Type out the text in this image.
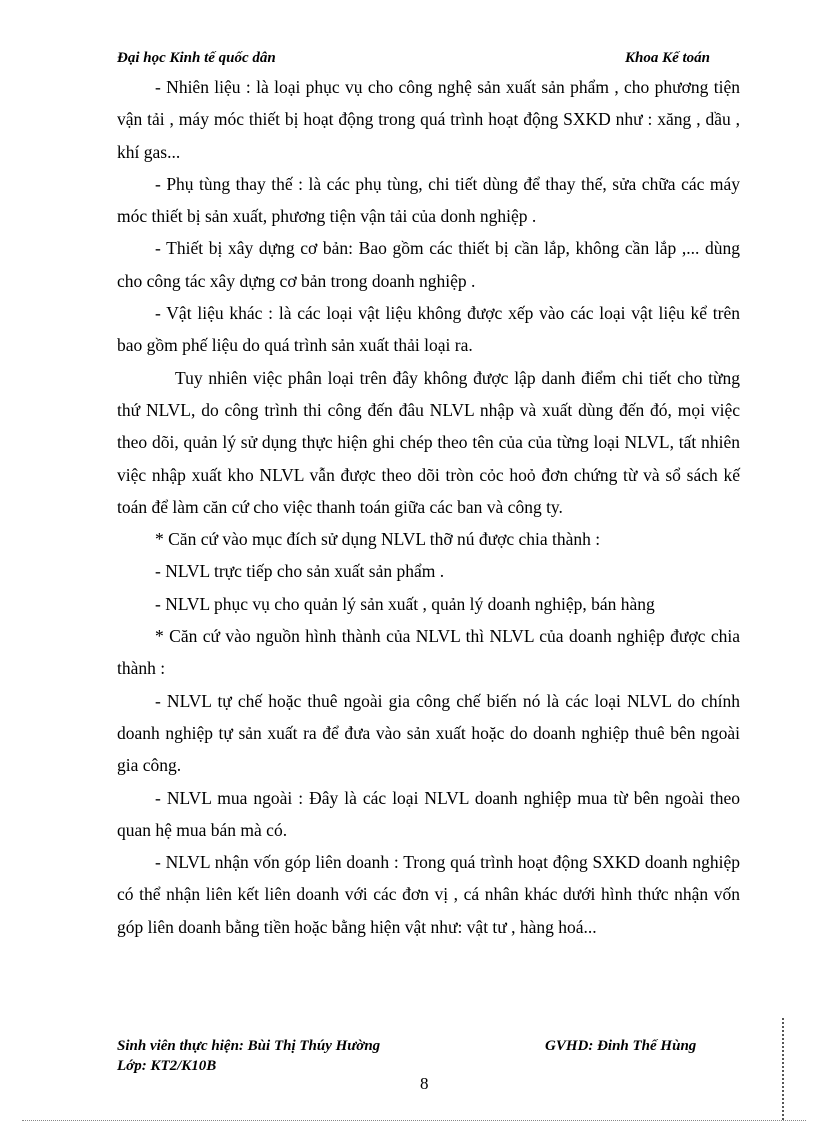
Đại học Kinh tế quốc dân	Khoa Kế toán

- Nhiên liệu : là loại phục vụ cho công nghệ sản xuất sản phẩm , cho phương tiện vận tải , máy móc thiết bị hoạt động trong quá trình hoạt động SXKD như : xăng , dầu , khí gas...

- Phụ tùng thay thế : là các phụ tùng, chi tiết dùng để thay thế, sửa chữa các máy móc thiết bị sản xuất, phương tiện vận tải của donh nghiệp .

- Thiết bị xây dựng cơ bản: Bao gồm các thiết bị cần lắp, không cần lắp ,... dùng cho công tác xây dựng cơ bản trong doanh nghiệp .

- Vật liệu khác : là các loại vật liệu không được xếp vào các loại vật liệu kể trên bao gồm phế liệu do quá trình sản xuất thải loại ra.

Tuy nhiên việc phân loại trên đây không được lập danh điểm chi tiết cho từng thứ NLVL, do công trình thi công đến đâu NLVL nhập và xuất dùng đến đó, mọi việc theo dõi, quản lý sử dụng thực hiện ghi chép theo tên của của từng loại NLVL, tất nhiên việc nhập xuất kho NLVL vẫn được theo dõi tròn cỏc hoỏ đơn chứng từ và sổ sách kế toán để làm căn cứ cho việc thanh toán giữa các ban và công ty.

* Căn cứ vào mục đích sử dụng NLVL thỡ nú được chia thành :

- NLVL trực tiếp cho sản xuất sản phẩm .

- NLVL phục vụ cho quản lý sản xuất , quản lý doanh nghiệp, bán hàng

* Căn cứ vào nguồn hình thành của NLVL thì NLVL của doanh nghiệp được chia thành :

- NLVL tự chế hoặc thuê ngoài gia công chế biến nó là các loại NLVL do chính doanh nghiệp tự sản xuất ra để đưa vào sản xuất hoặc do doanh nghiệp thuê bên ngoài gia công.

- NLVL mua ngoài : Đây là các loại NLVL doanh nghiệp mua từ bên ngoài theo quan hệ mua bán mà có.

- NLVL nhận vốn góp liên doanh : Trong quá trình hoạt động SXKD doanh nghiệp có thể nhận liên kết liên doanh với các đơn vị , cá nhân khác dưới hình thức nhận vốn góp liên doanh bằng tiền hoặc bằng hiện vật như: vật tư , hàng hoá...

Sinh viên thực hiện: Bùi Thị Thúy Hường	GVHD: Đinh Thế Hùng
Lớp: KT2/K10B
8
